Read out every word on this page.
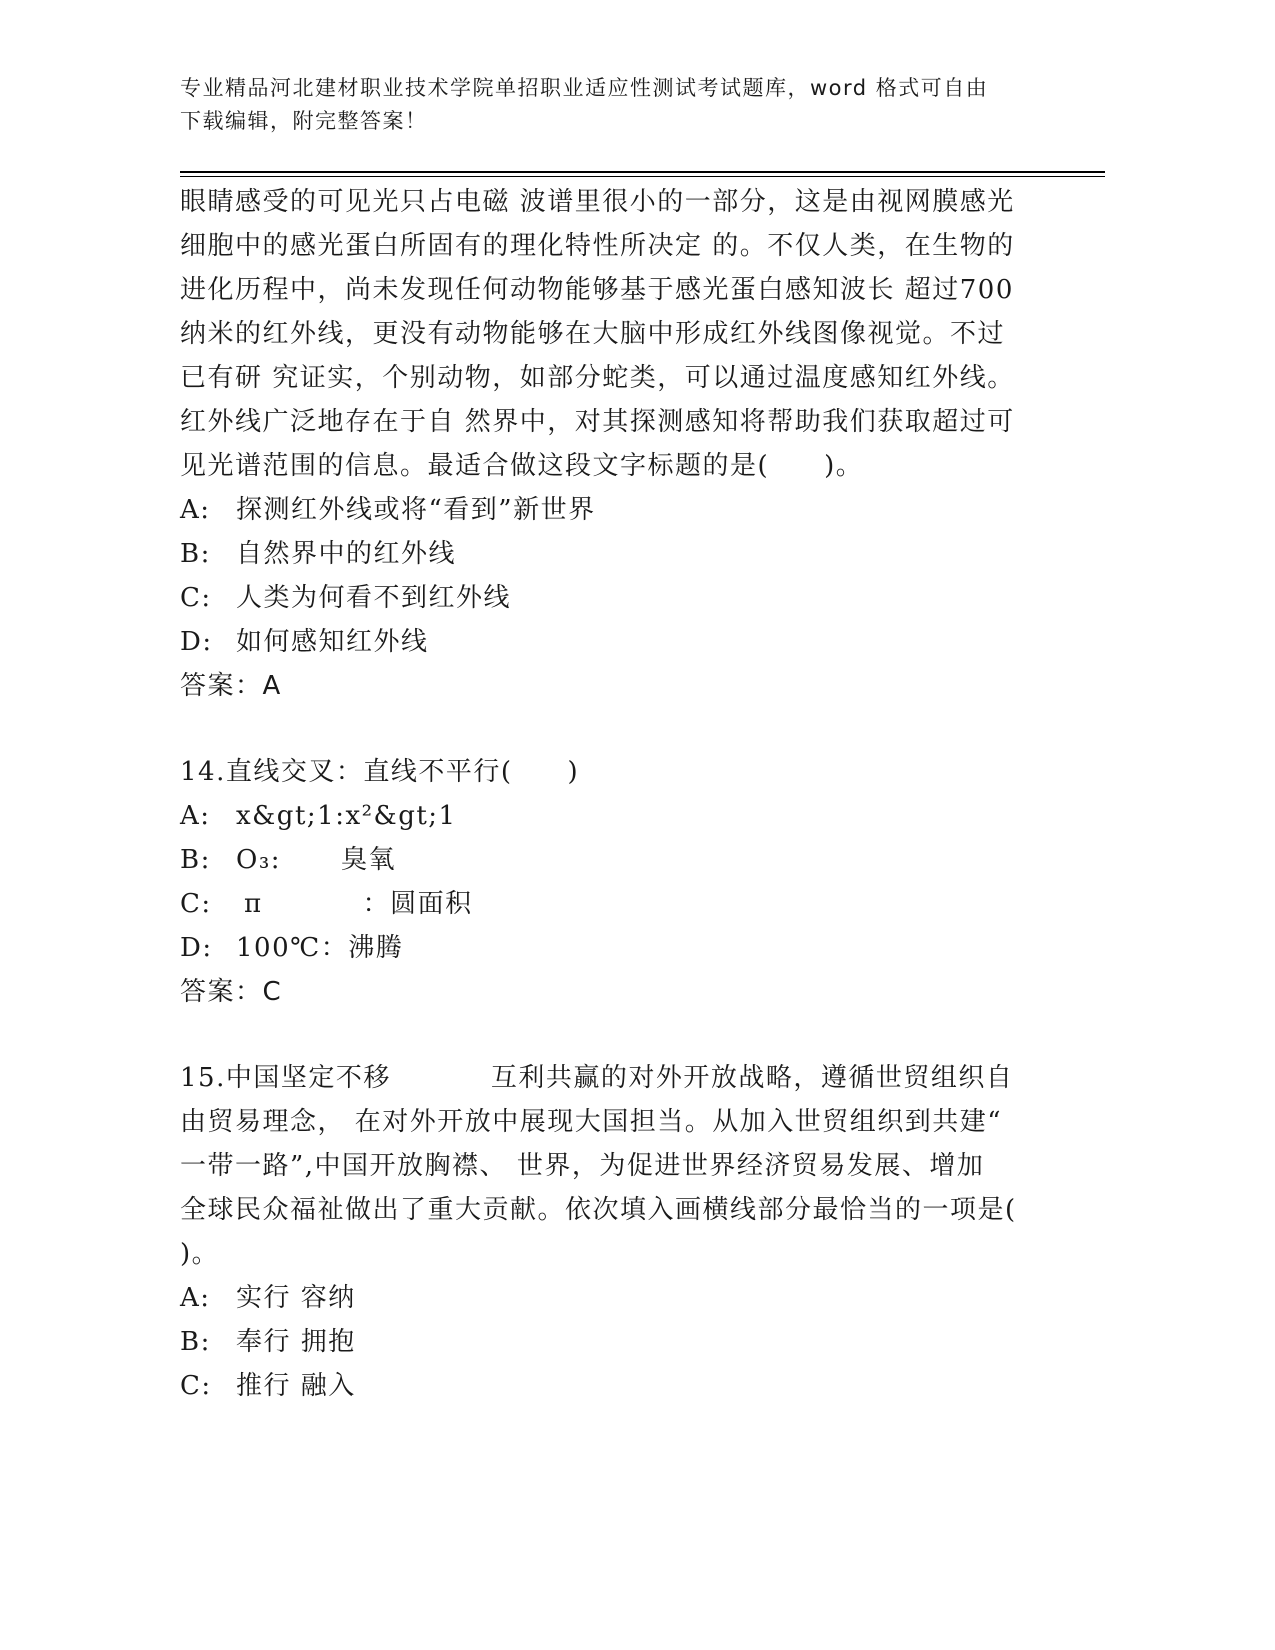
专业精品河北建材职业技术学院单招职业适应性测试考试题库，word 格式可自由
下载编辑，附完整答案！

眼睛感受的可见光只占电磁 波谱里很小的一部分，这是由视网膜感光

细胞中的感光蛋白所固有的理化特性所决定 的。不仅人类，在生物的

进化历程中，尚未发现任何动物能够基于感光蛋白感知波长 超过700

纳米的红外线，更没有动物能够在大脑中形成红外线图像视觉。不过

已有研 究证实，个别动物，如部分蛇类，可以通过温度感知红外线。

红外线广泛地存在于自 然界中，对其探测感知将帮助我们获取超过可

见光谱范围的信息。最适合做这段文字标题的是(　　)。

A: 探测红外线或将“看到”新世界
B: 自然界中的红外线
C: 人类为何看不到红外线
D: 如何感知红外线

答案：A

14.直线交叉：直线不平行(　　)

A: x&gt;1:x²&gt;1
B: O₃: 臭氧
C:	π	：圆面积
D: 100℃：沸腾

答案：C

15.中国坚定不移	互利共赢的对外开放战略，遵循世贸组织自

由贸易理念， 在对外开放中展现大国担当。从加入世贸组织到共建“

一带一路”,中国开放胸襟、 世界，为促进世界经济贸易发展、增加

全球民众福祉做出了重大贡献。依次填入画横线部分最恰当的一项是(

)。

A: 实行 容纳
B: 奉行 拥抱
C: 推行 融入
